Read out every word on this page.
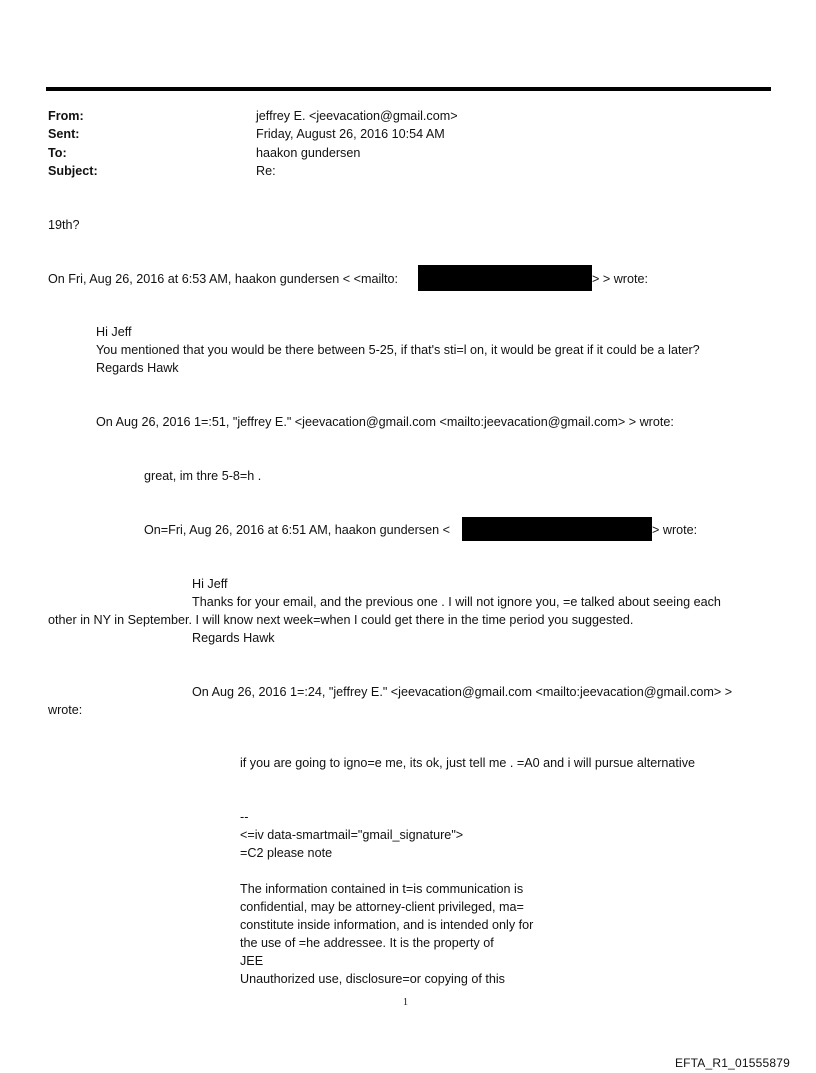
From:	jeffrey E. <jeevacation@gmail.com>
Sent:	Friday, August 26, 2016 10:54 AM
To:	haakon gundersen
Subject:	Re:
19th?
On Fri, Aug 26, 2016 at 6:53 AM, haakon gundersen < <mailto:	> > wrote:
Hi Jeff
You mentioned that you would be there between 5-25, if that's sti=l on, it would be great if it could be a later?
Regards Hawk
On Aug 26, 2016 1=:51, "jeffrey E." <jeevacation@gmail.com <mailto:jeevacation@gmail.com> > wrote:
great, im thre 5-8=h .
On=Fri, Aug 26, 2016 at 6:51 AM, haakon gundersen <	> wrote:
Hi Jeff
Thanks for your email, and the previous one . I will not ignore you, =e talked about seeing each
other in NY in September. I will know next week=when I could get there in the time period you suggested.
Regards Hawk
On Aug 26, 2016 1=:24, "jeffrey E." <jeevacation@gmail.com <mailto:jeevacation@gmail.com> >
wrote:
if you are going to igno=e me, its ok, just tell me . =A0 and i will pursue alternative
--
<=iv data-smartmail="gmail_signature">
=C2 please note
The information contained in t=is communication is
confidential, may be attorney-client privileged, ma=
constitute inside information, and is intended only for
the use of =he addressee. It is the property of
JEE
Unauthorized use, disclosure=or copying of this
1
EFTA_R1_01555879
